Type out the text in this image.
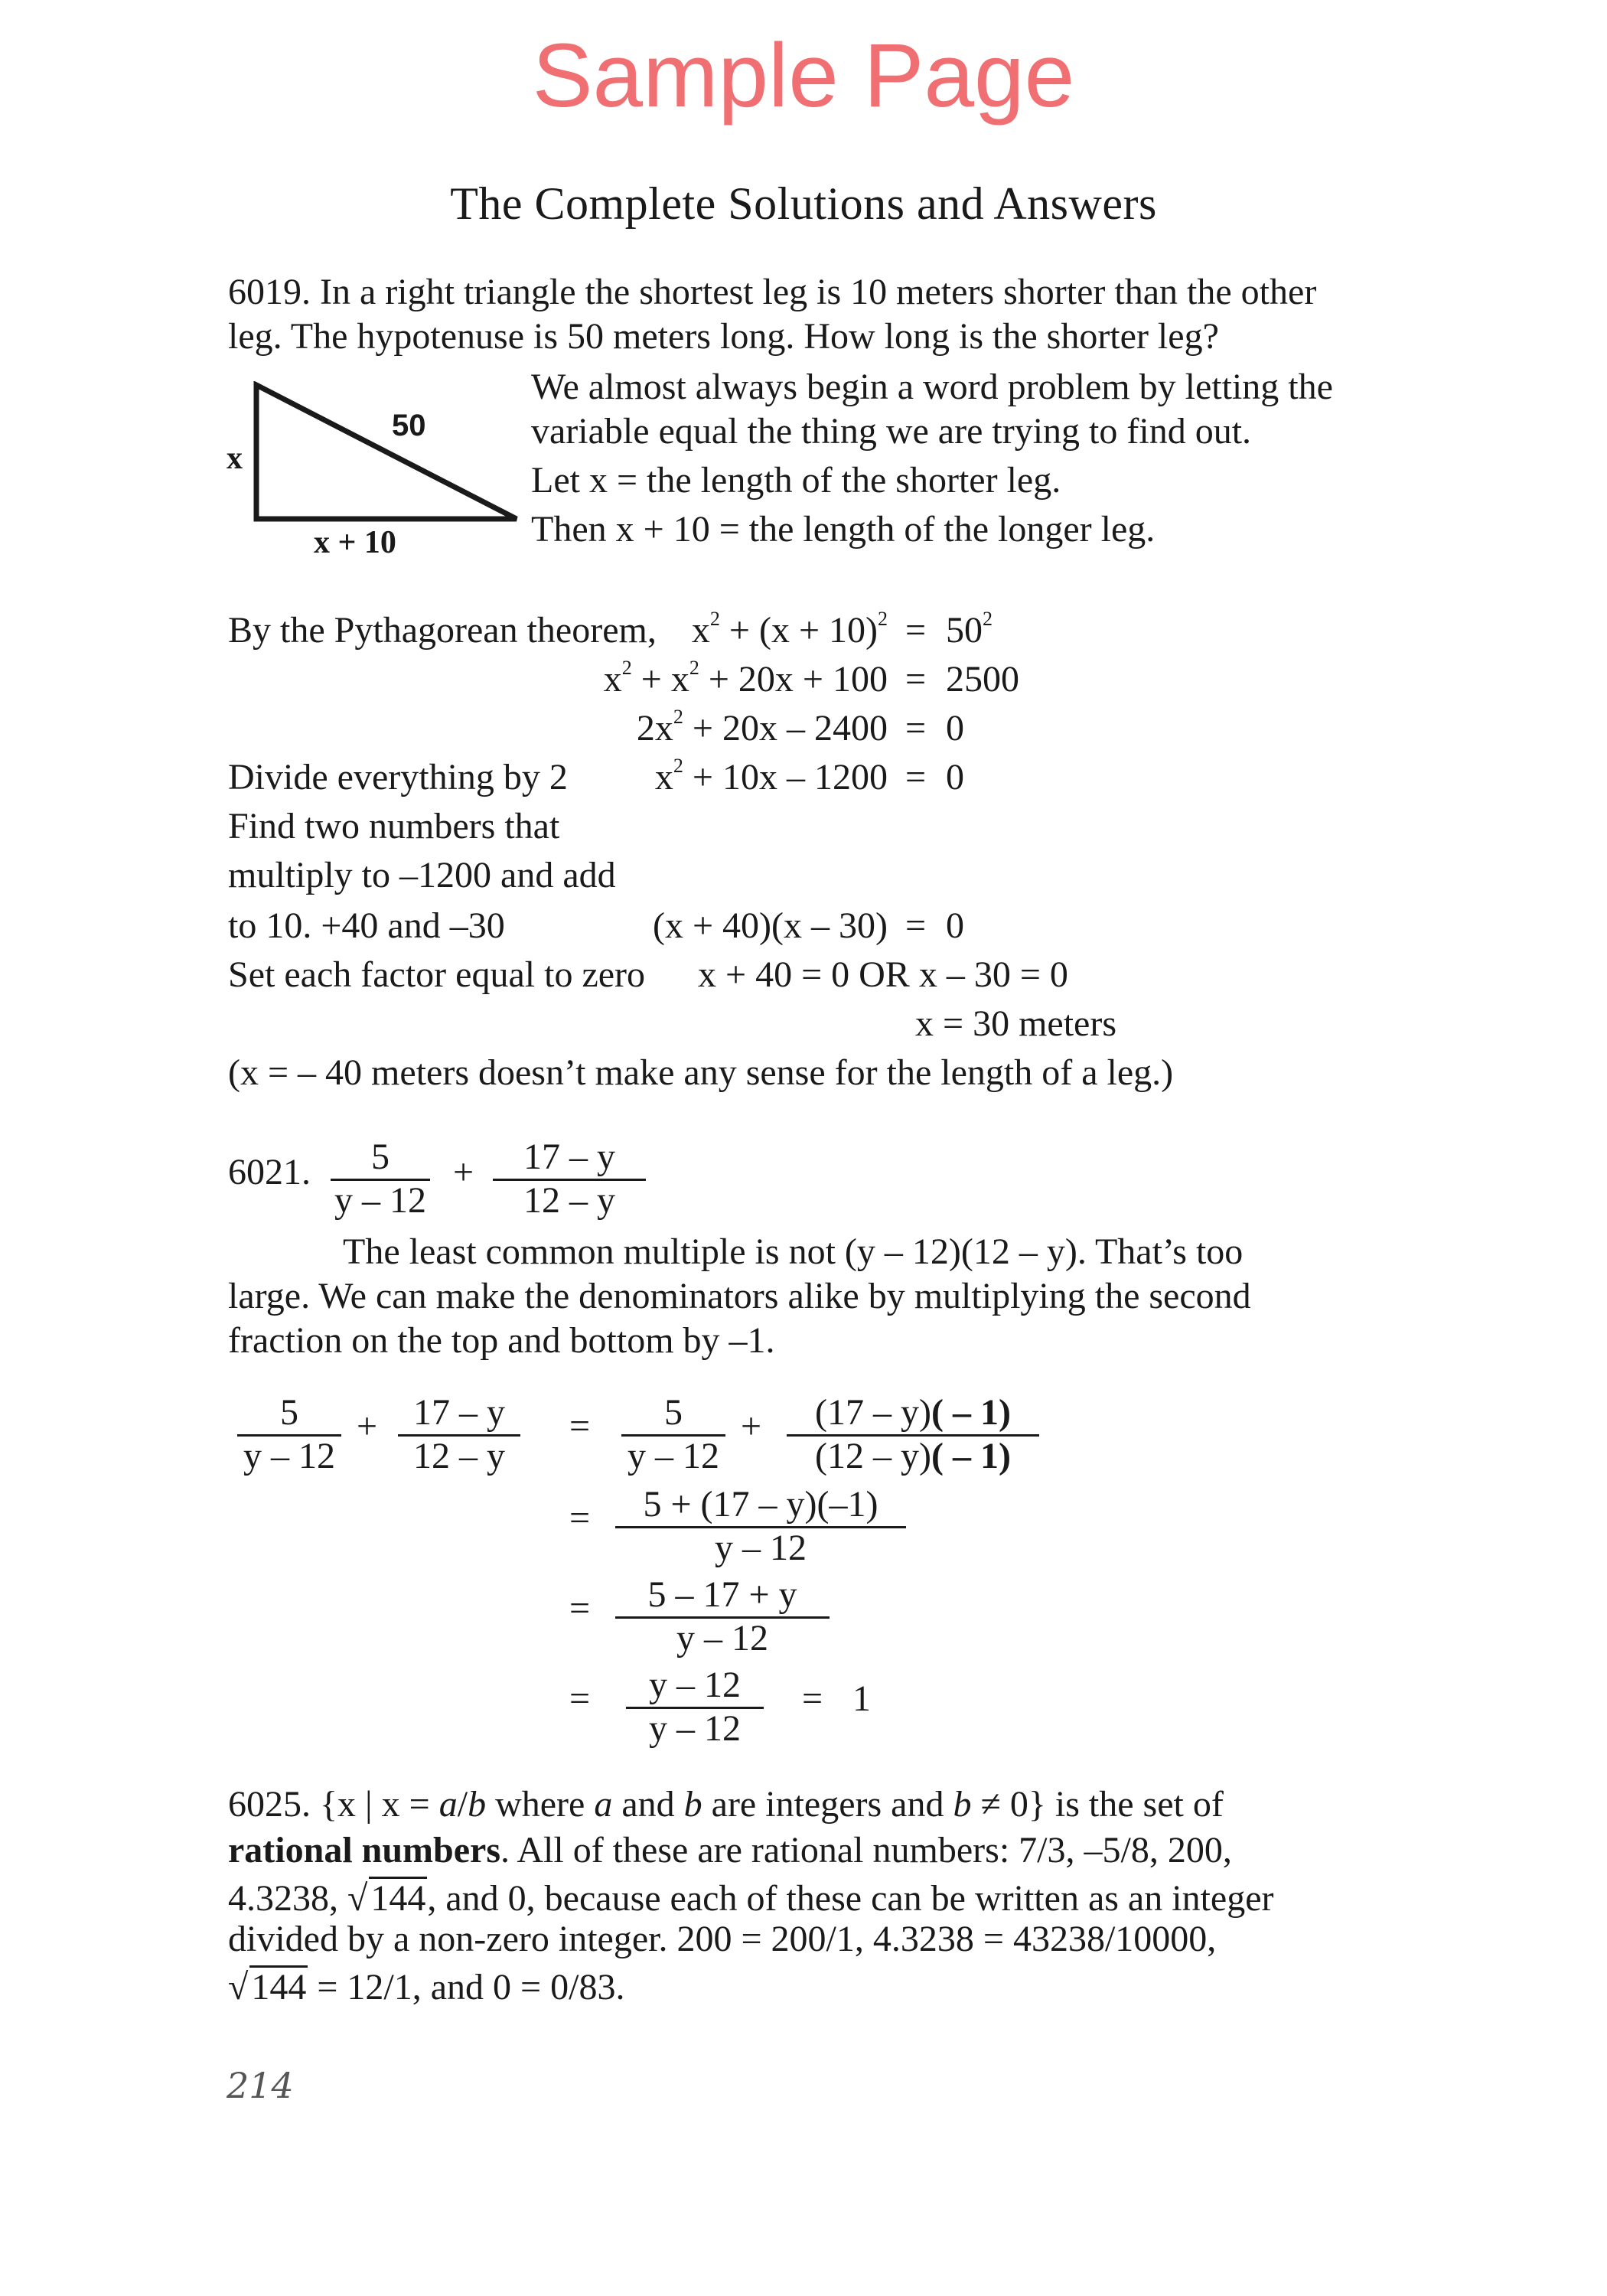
Sample Page
The Complete Solutions and Answers
6019. In a right triangle the shortest leg is 10 meters shorter than the other
leg. The hypotenuse is 50 meters long. How long is the shorter leg?
50
x
x + 10
We almost always begin a word problem by letting the
variable equal the thing we are trying to find out.
Let x = the length of the shorter leg.
Then x + 10 = the length of the longer leg.
By the Pythagorean theorem, $x^2 + (x + 10)^2 = 50^2$
$x^2 + x^2 + 20x + 100 = 2500$
$2x^2 + 20x - 2400 = 0$
Divide everything by 2	$x^2 + 10x - 1200 = 0$
Find two numbers that
multiply to –1200 and add
to 10. +40 and –30	(x + 40)(x – 30) = 0
Set each factor equal to zero x + 40 = 0 OR x – 30 = 0
x = 30 meters
(x = – 40 meters doesn’t make any sense for the length of a leg.)
6021. $\frac{5}{y - 12} + \frac{17 - y}{12 - y}$
The least common multiple is not (y – 12)(12 – y). That’s too
large. We can make the denominators alike by multiplying the second
fraction on the top and bottom by –1.
$\frac{5}{y - 12} + \frac{17 - y}{12 - y} = \frac{5}{y - 12} + \frac{(17 - y)( - 1)}{(12 - y)( - 1)}$
= $\frac{5 + (17 - y)(-1)}{y - 12}$
= $\frac{5 - 17 + y}{y - 12}$
= $\frac{y - 12}{y - 12} = 1$
6025. {x | x = a/b where a and b are integers and b ≠ 0} is the set of
rational numbers. All of these are rational numbers: 7/3, –5/8, 200,
4.3238, √144, and 0, because each of these can be written as an integer
divided by a non-zero integer. 200 = 200/1, 4.3238 = 43238/10000,
√144 = 12/1, and 0 = 0/83.
214
